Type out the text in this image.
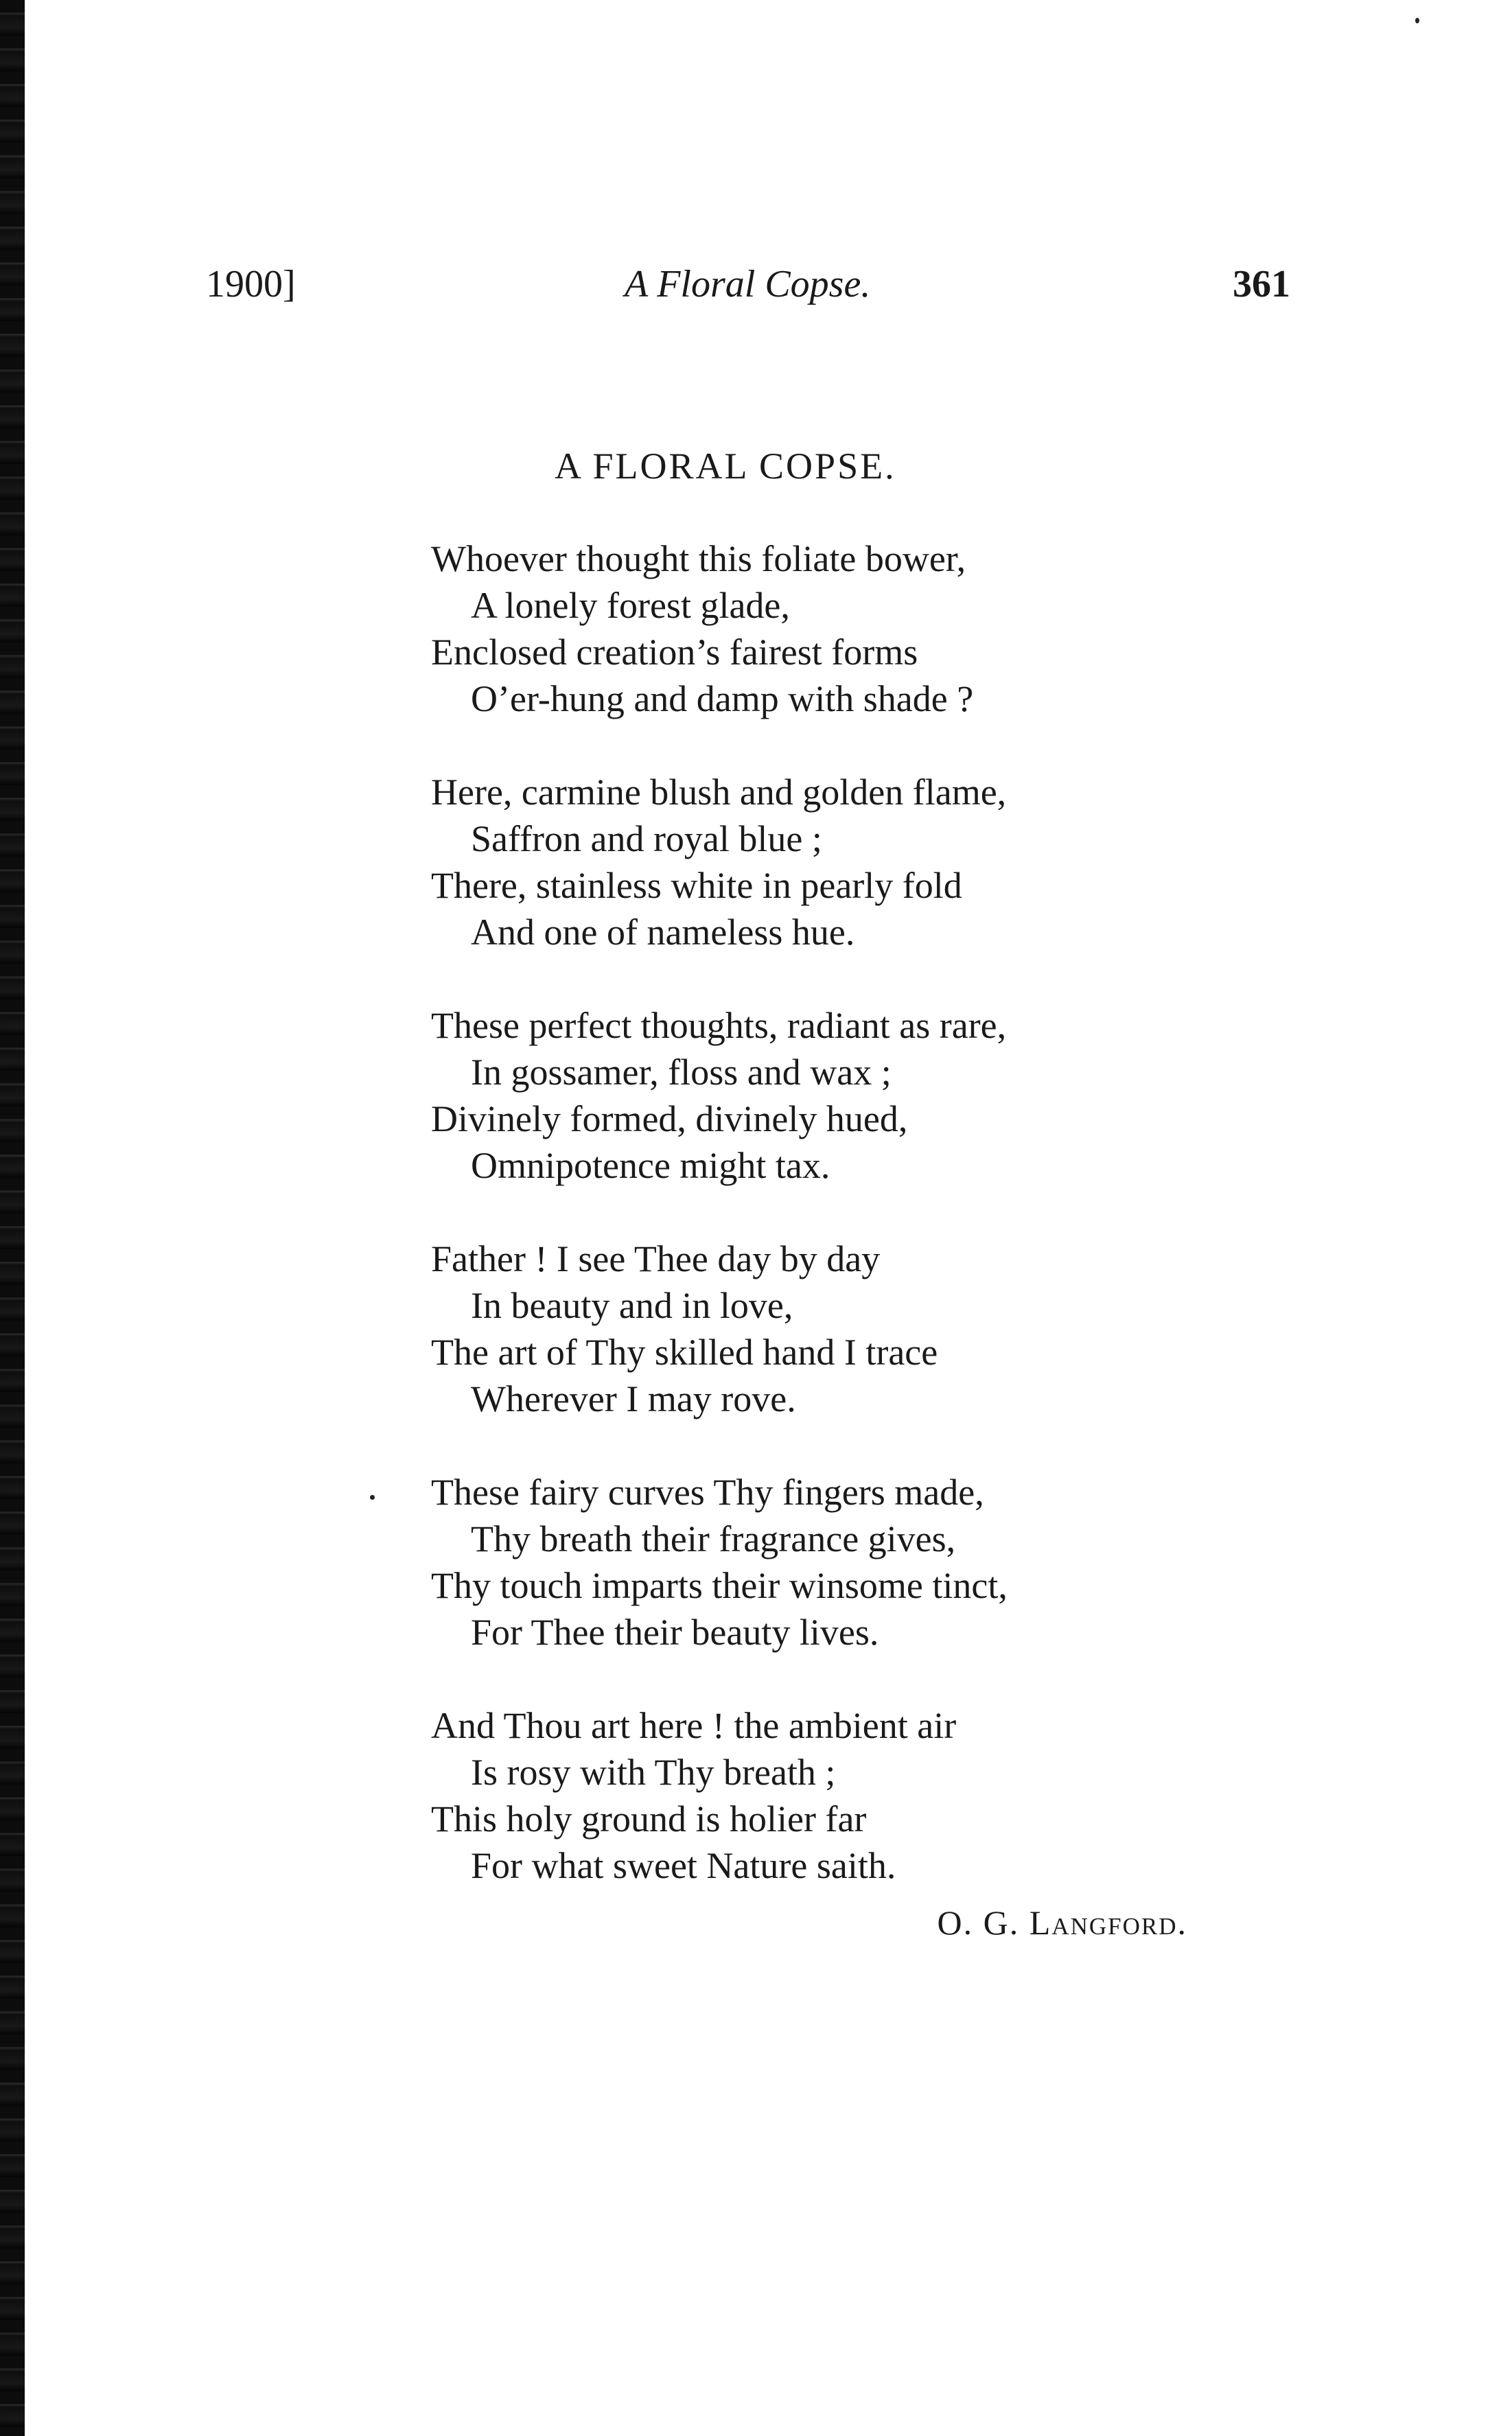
1900]	A Floral Copse.	361
A FLORAL COPSE.
Whoever thought this foliate bower,
A lonely forest glade,
Enclosed creation’s fairest forms
O’er-hung and damp with shade ?
Here, carmine blush and golden flame,
Saffron and royal blue ;
There, stainless white in pearly fold
And one of nameless hue.
These perfect thoughts, radiant as rare,
In gossamer, floss and wax ;
Divinely formed, divinely hued,
Omnipotence might tax.
Father ! I see Thee day by day
In beauty and in love,
The art of Thy skilled hand I trace
Wherever I may rove.
These fairy curves Thy fingers made,
Thy breath their fragrance gives,
Thy touch imparts their winsome tinct,
For Thee their beauty lives.
And Thou art here ! the ambient air
Is rosy with Thy breath ;
This holy ground is holier far
For what sweet Nature saith.
O. G. Langford.
